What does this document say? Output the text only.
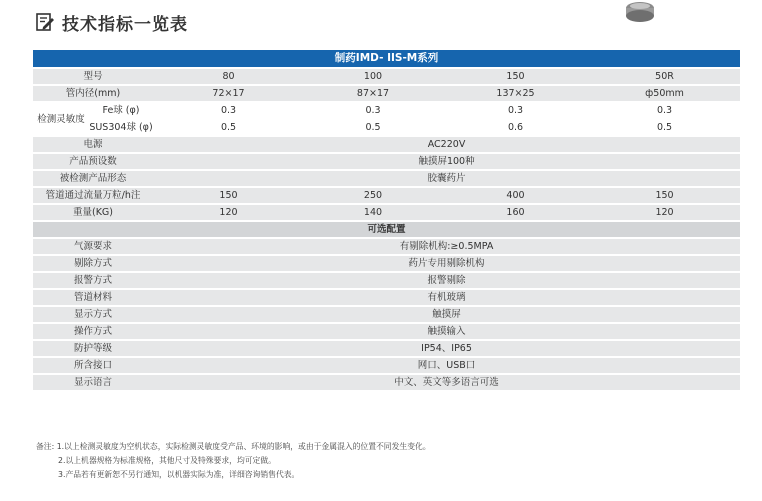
技术指标一览表
制药IMD- IIS-M系列					
型号		80	100	150	50R
管内径(mm)		72×17	87×17	137×25	ф50mm
检测灵敏度	Fe球 (φ)	0.3	0.3	0.3	0.3
	SUS304球 (φ)	0.5	0.5	0.6	0.5
电源		AC220V			
产品预设数		触摸屏100种			
被检测产品形态		胶囊药片			
管道通过流量万粒/h注		150	250	400	150
重量(KG)		120	140	160	120
可选配置					
气源要求		有剔除机构:≥0.5MPA			
剔除方式		药片专用剔除机构			
报警方式		报警剔除			
管道材料		有机玻璃			
显示方式		触摸屏			
操作方式		触摸输入			
防护等级		IP54、IP65			
所含接口		网口、USB口			
显示语言		中文、英文等多语言可选			
备注: 1.以上检测灵敏度为空机状态，实际检测灵敏度受产品、环境的影响，或由于金属混入的位置不同发生变化。
2.以上机器规格为标准规格，其他尺寸及特殊要求，均可定做。
3.产品若有更新恕不另行通知，以机器实际为准，详细咨询销售代表。
